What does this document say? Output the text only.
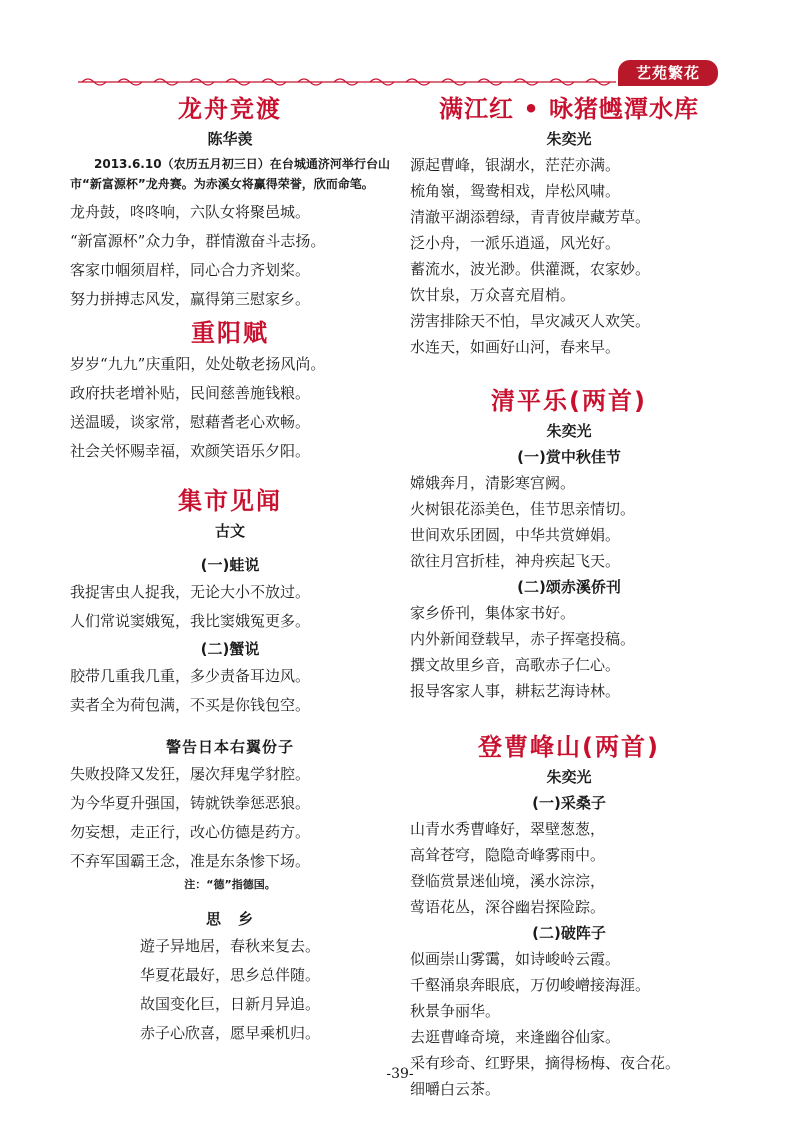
艺苑繁花
龙舟竞渡
陈华羡

2013.6.10（农历五月初三日）在台城通济河举行台山市“新富源杯”龙舟赛。为赤溪女将赢得荣誉，欣而命笔。

龙舟鼓，咚咚响，六队女将聚邑城。
“新富源杯”众力争，群情激奋斗志扬。
客家巾帼须眉样，同心合力齐划桨。
努力拼搏志风发，赢得第三慰家乡。
重阳赋
岁岁“九九”庆重阳，处处敬老扬风尚。
政府扶老增补贴，民间慈善施钱粮。
送温暖，谈家常，慰藉耆老心欢畅。
社会关怀赐幸福，欢颜笑语乐夕阳。
集市见闻
古文
(一)蛙说
我捉害虫人捉我，无论大小不放过。
人们常说窦娥冤，我比窦娥冤更多。
(二)蟹说
胶带几重我几重，多少责备耳边风。
卖者全为荷包满，不买是你钱包空。
警告日本右翼份子
失败投降又发狂，屡次拜鬼学豺腔。
为今华夏升强国，铸就铁拳惩恶狼。
勿妄想，走正行，改心仿德是药方。
不弃军国霸王念，准是东条惨下场。
注：“德”指德国。
思　乡
遊子异地居，春秋来复去。
华夏花最好，思乡总伴随。
故国变化巨，日新月异追。
赤子心欣喜，愿早乘机归。
满江红 • 咏猪乸潭水库
朱奕光
源起曹峰，银湖水，茫茫亦满。
梳角嶺，鸳鸯相戏，岸松风啸。
清澈平湖添碧绿，青青彼岸藏芳草。
泛小舟，一派乐逍遥，风光好。
蓄流水，波光渺。供灌溉，农家妙。
饮甘泉，万众喜充眉梢。
涝害排除天不怕，旱灾减灭人欢笑。
水连天，如画好山河，春来早。
清平乐(两首)
朱奕光
(一)赏中秋佳节
嫦娥奔月，清影寒宫阙。
火树银花添美色，佳节思亲情切。
世间欢乐团圆，中华共赏婵娟。
欲往月宫折桂，神舟疾起飞天。
(二)颂赤溪侨刊
家乡侨刊，集体家书好。
内外新闻登载早，赤子挥毫投稿。
撰文故里乡音，高歌赤子仁心。
报导客家人事，耕耘艺海诗林。
登曹峰山(两首)
朱奕光
(一)采桑子
山青水秀曹峰好，翠壁葱葱，
高耸苍穹，隐隐奇峰雾雨中。
登临赏景迷仙境，溪水淙淙，
莺语花丛，深谷幽岩探险踪。
(二)破阵子
似画崇山雾霭，如诗峻岭云霞。
千壑涌泉奔眼底，万仞峻嶒接海涯。
秋景争丽华。
去逛曹峰奇境，来逢幽谷仙家。
采有珍奇、红野果，摘得杨梅、夜合花。
细嚼白云茶。
-39-
